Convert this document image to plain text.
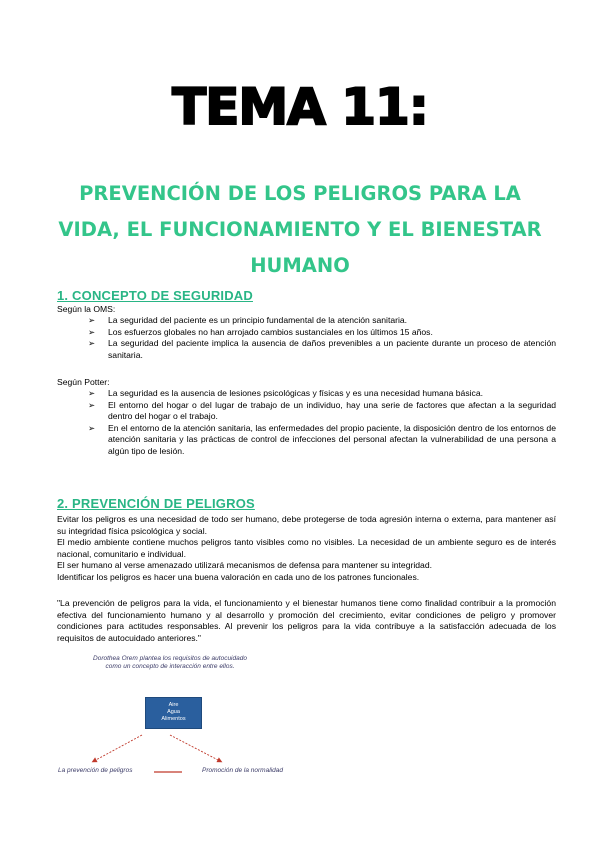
TEMA 11:
PREVENCIÓN DE LOS PELIGROS PARA LA
VIDA, EL FUNCIONAMIENTO Y EL BIENESTAR
HUMANO
1. CONCEPTO DE SEGURIDAD
Según la OMS:
➢ La seguridad del paciente es un principio fundamental de la atención sanitaria.
➢ Los esfuerzos globales no han arrojado cambios sustanciales en los últimos 15 años.
➢ La seguridad del paciente implica la ausencia de daños prevenibles a un paciente durante un proceso de atención sanitaria.
Según Potter:
➢ La seguridad es la ausencia de lesiones psicológicas y físicas y es una necesidad humana básica.
➢ El entorno del hogar o del lugar de trabajo de un individuo, hay una serie de factores que afectan a la seguridad dentro del hogar o el trabajo.
➢ En el entorno de la atención sanitaria, las enfermedades del propio paciente, la disposición dentro de los entornos de atención sanitaria y las prácticas de control de infecciones del personal afectan la vulnerabilidad de una persona a algún tipo de lesión.
2. PREVENCIÓN DE PELIGROS
Evitar los peligros es una necesidad de todo ser humano, debe protegerse de toda agresión interna o externa, para mantener así su integridad física psicológica y social.
El medio ambiente contiene muchos peligros tanto visibles como no visibles. La necesidad de un ambiente seguro es de interés nacional, comunitario e individual.
El ser humano al verse amenazado utilizará mecanismos de defensa para mantener su integridad.
Identificar los peligros es hacer una buena valoración en cada uno de los patrones funcionales.

"La prevención de peligros para la vida, el funcionamiento y el bienestar humanos tiene como finalidad contribuir a la promoción efectiva del funcionamiento humano y al desarrollo y promoción del crecimiento, evitar condiciones de peligro y promover condiciones para actitudes responsables. Al prevenir los peligros para la vida contribuye a la satisfacción adecuada de los requisitos de autocuidado anteriores."

Dorothea Orem plantea los requisitos de autocuidado como un concepto de interacción entre ellos.
Aire
Agua
Alimentos
La prevención de peligros	Promoción de la normalidad
